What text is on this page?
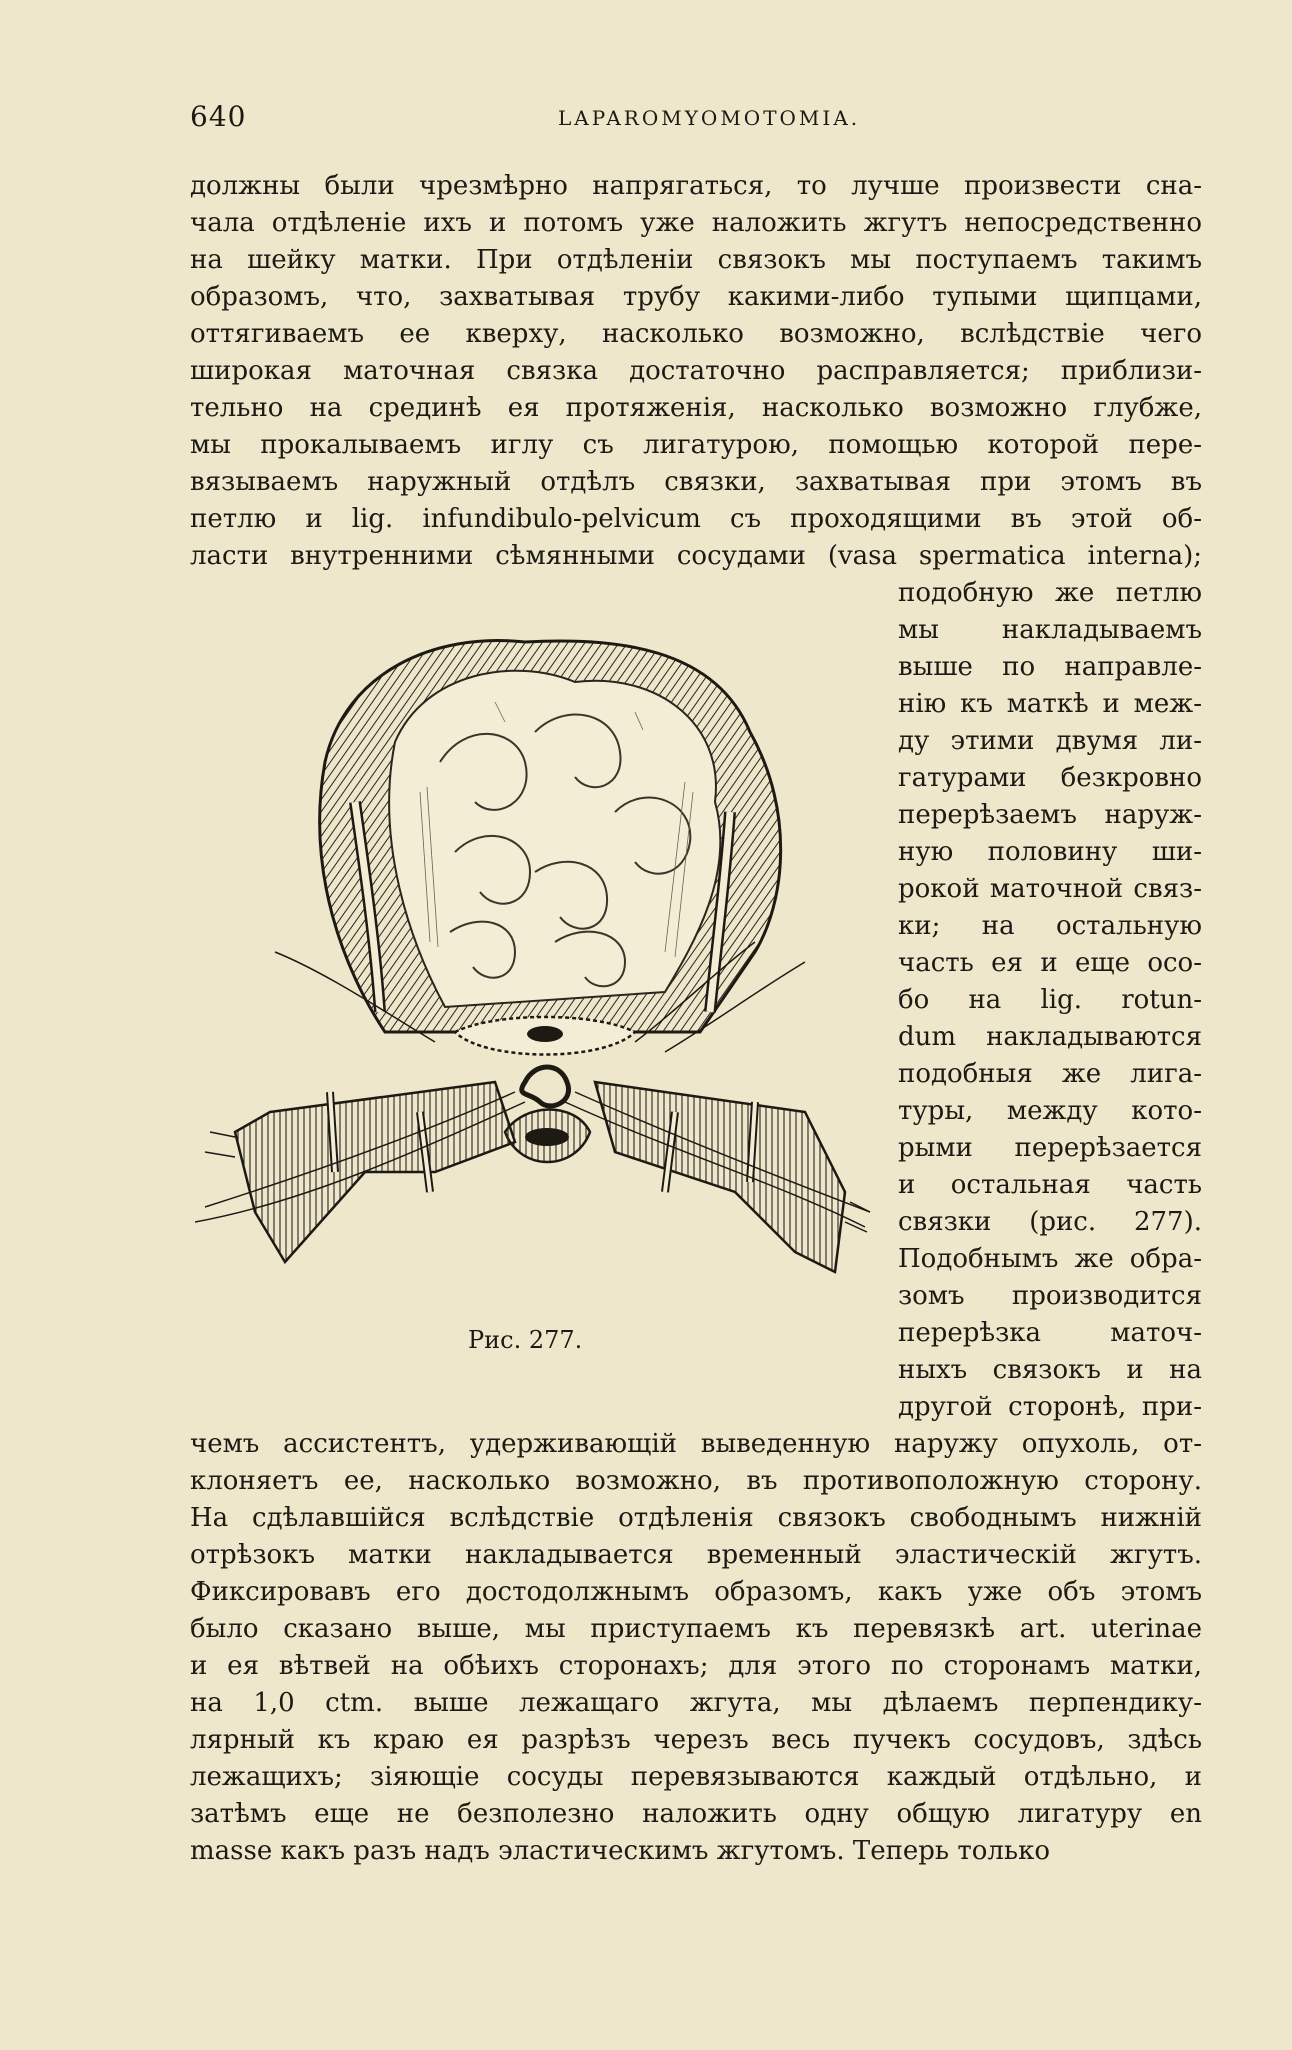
640	LAPAROMYOMOTOMIA.
должны были чрезмѣрно напрягаться, то лучше произвести сна-
чала отдѣленіе ихъ и потомъ уже наложить жгутъ непосредственно
на шейку матки. При отдѣленіи связокъ мы поступаемъ такимъ
образомъ, что, захватывая трубу какими-либо тупыми щипцами,
оттягиваемъ ее кверху, насколько возможно, вслѣдствіе чего
широкая маточная связка достаточно расправляется; приблизи-
тельно на срединѣ ея протяженія, насколько возможно глубже,
мы прокалываемъ иглу съ лигатурою, помощью которой пере-
вязываемъ наружный отдѣлъ связки, захватывая при этомъ въ
петлю и lig. infundibulo-pelvicum съ проходящими въ этой об-
ласти внутренними сѣмянными сосудами (vasa spermatica interna);
подобную же петлю
мы накладываемъ
выше по направле-
нію къ маткѣ и меж-
ду этими двумя ли-
гатурами безкровно
перерѣзаемъ наруж-
ную половину ши-
рокой маточной связ-
ки; на остальную
часть ея и еще осо-
бо на lig. rotun-
dum накладываются
подобныя же лига-
туры, между кото-
рыми перерѣзается
и остальная часть
связки (рис. 277).
Подобнымъ же обра-
зомъ производится
перерѣзка маточ-
ныхъ связокъ и на
другой сторонѣ, при-
чемъ ассистентъ, удерживающій выведенную наружу опухоль, от-
клоняетъ ее, насколько возможно, въ противоположную сторону.
На сдѣлавшійся вслѣдствіе отдѣленія связокъ свободнымъ нижній
отрѣзокъ матки накладывается временный эластическій жгутъ.
Фиксировавъ его достодолжнымъ образомъ, какъ уже объ этомъ
было сказано выше, мы приступаемъ къ перевязкѣ art. uterinae
и ея вѣтвей на обѣихъ сторонахъ; для этого по сторонамъ матки,
на 1,0 ctm. выше лежащаго жгута, мы дѣлаемъ перпендику-
лярный къ краю ея разрѣзъ черезъ весь пучекъ сосудовъ, здѣсь
лежащихъ; зіяющіе сосуды перевязываются каждый отдѣльно, и
затѣмъ еще не безполезно наложить одну общую лигатуру en
masse какъ разъ надъ эластическимъ жгутомъ. Теперь только
Рис. 277.
